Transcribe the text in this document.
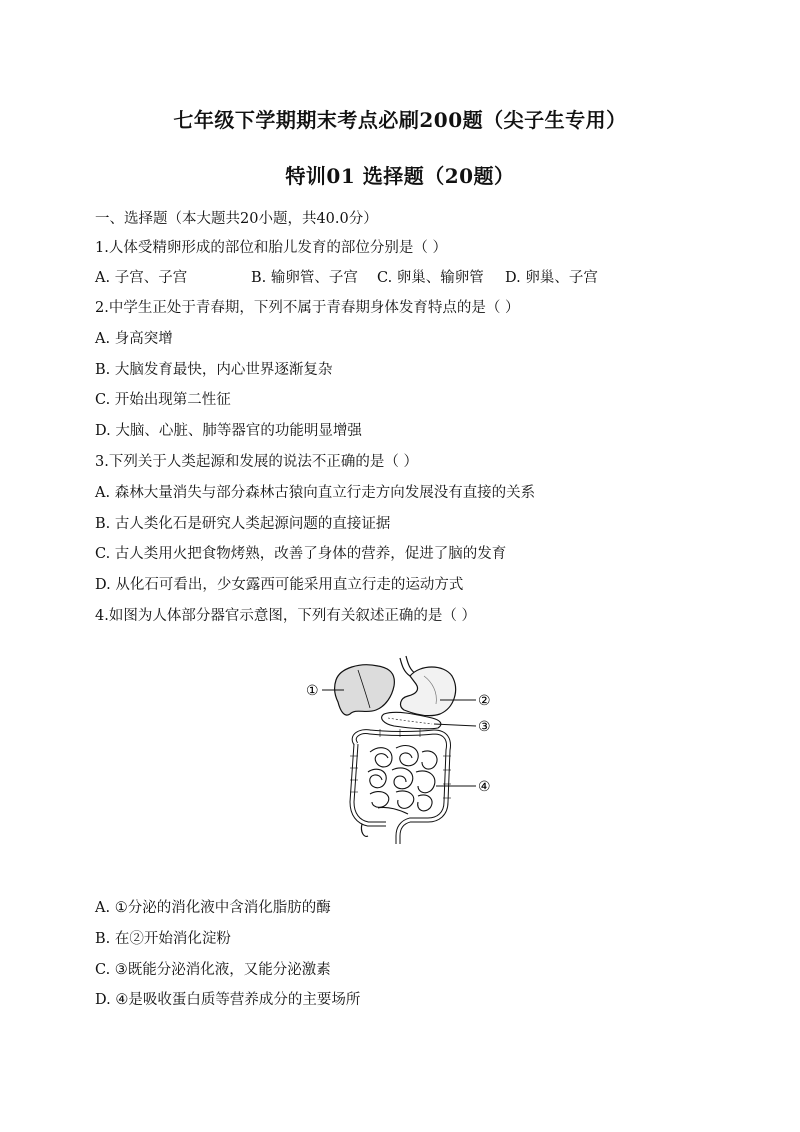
七年级下学期期末考点必刷200题（尖子生专用）
特训01 选择题（20题）
一、选择题（本大题共20小题，共40.0分）
1.人体受精卵形成的部位和胎儿发育的部位分别是（ ）
A. 子宫、子宫	B. 输卵管、子宫 C. 卵巢、输卵管 D. 卵巢、子宫
2.中学生正处于青春期，下列不属于青春期身体发育特点的是（ ）
A. 身高突增
B. 大脑发育最快，内心世界逐渐复杂
C. 开始出现第二性征
D. 大脑、心脏、肺等器官的功能明显增强
3.下列关于人类起源和发展的说法不正确的是（ ）
A. 森林大量消失与部分森林古猿向直立行走方向发展没有直接的关系
B. 古人类化石是研究人类起源问题的直接证据
C. 古人类用火把食物烤熟，改善了身体的营养，促进了脑的发育
D. 从化石可看出，少女露西可能采用直立行走的运动方式
4.如图为人体部分器官示意图，下列有关叙述正确的是（ ）
①
②
③
④
A. ①分泌的消化液中含消化脂肪的酶
B. 在②开始消化淀粉
C. ③既能分泌消化液，又能分泌激素
D. ④是吸收蛋白质等营养成分的主要场所
